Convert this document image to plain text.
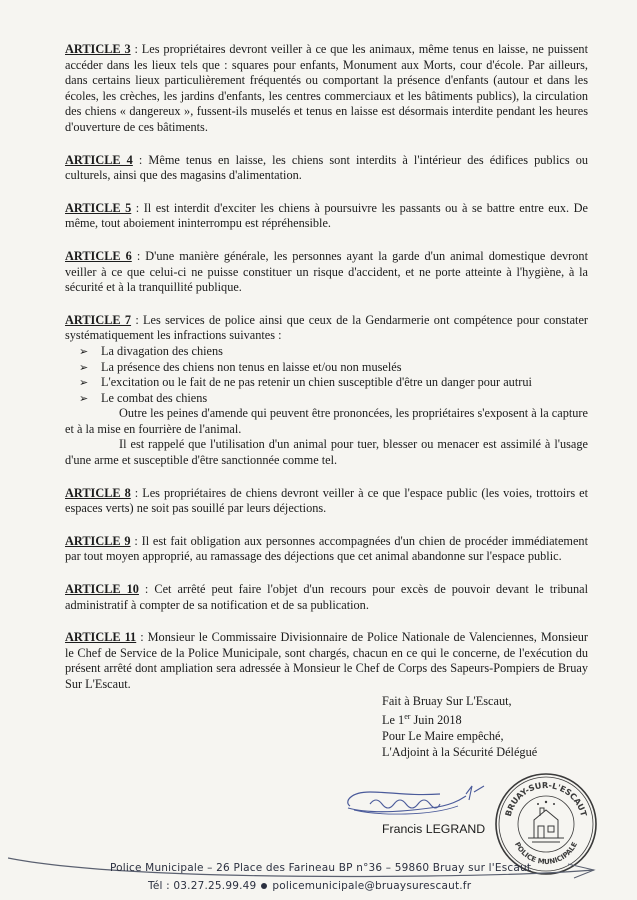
ARTICLE 3 : Les propriétaires devront veiller à ce que les animaux, même tenus en laisse, ne puissent accéder dans les lieux tels que : squares pour enfants, Monument aux Morts, cour d'école. Par ailleurs, dans certains lieux particulièrement fréquentés ou comportant la présence d'enfants (autour et dans les écoles, les crèches, les jardins d'enfants, les centres commerciaux et les bâtiments publics), la circulation des chiens « dangereux », fussent-ils muselés et tenus en laisse est désormais interdite pendant les heures d'ouverture de ces bâtiments.

ARTICLE 4 : Même tenus en laisse, les chiens sont interdits à l'intérieur des édifices publics ou culturels, ainsi que des magasins d'alimentation.

ARTICLE 5 : Il est interdit d'exciter les chiens à poursuivre les passants ou à se battre entre eux. De même, tout aboiement ininterrompu est répréhensible.

ARTICLE 6 : D'une manière générale, les personnes ayant la garde d'un animal domestique devront veiller à ce que celui-ci ne puisse constituer un risque d'accident, et ne porte atteinte à l'hygiène, à la sécurité et à la tranquillité publique.

ARTICLE 7 : Les services de police ainsi que ceux de la Gendarmerie ont compétence pour constater systématiquement les infractions suivantes :
➢ La divagation des chiens
➢ La présence des chiens non tenus en laisse et/ou non muselés
➢ L'excitation ou le fait de ne pas retenir un chien susceptible d'être un danger pour autrui
➢ Le combat des chiens

Outre les peines d'amende qui peuvent être prononcées, les propriétaires s'exposent à la capture et à la mise en fourrière de l'animal.

Il est rappelé que l'utilisation d'un animal pour tuer, blesser ou menacer est assimilé à l'usage d'une arme et susceptible d'être sanctionnée comme tel.

ARTICLE 8 : Les propriétaires de chiens devront veiller à ce que l'espace public (les voies, trottoirs et espaces verts) ne soit pas souillé par leurs déjections.

ARTICLE 9 : Il est fait obligation aux personnes accompagnées d'un chien de procéder immédiatement par tout moyen approprié, au ramassage des déjections que cet animal abandonne sur l'espace public.

ARTICLE 10 : Cet arrêté peut faire l'objet d'un recours pour excès de pouvoir devant le tribunal administratif à compter de sa notification et de sa publication.

ARTICLE 11 : Monsieur le Commissaire Divisionnaire de Police Nationale de Valenciennes, Monsieur le Chef de Service de la Police Municipale, sont chargés, chacun en ce qui le concerne, de l'exécution du présent arrêté dont ampliation sera adressée à Monsieur le Chef de Corps des Sapeurs-Pompiers de Bruay Sur L'Escaut.

Fait à Bruay Sur L'Escaut,
Le 1er Juin 2018
Pour Le Maire empêché,
L'Adjoint à la Sécurité Délégué
Francis LEGRAND
BRUAY-SUR-L'ESCAUT
POLICE MUNICIPALE
Police Municipale – 26 Place des Farineau BP n°36 – 59860 Bruay sur l'Escaut
Tél : 03.27.25.99.49 policemunicipale@bruaysurescaut.fr
